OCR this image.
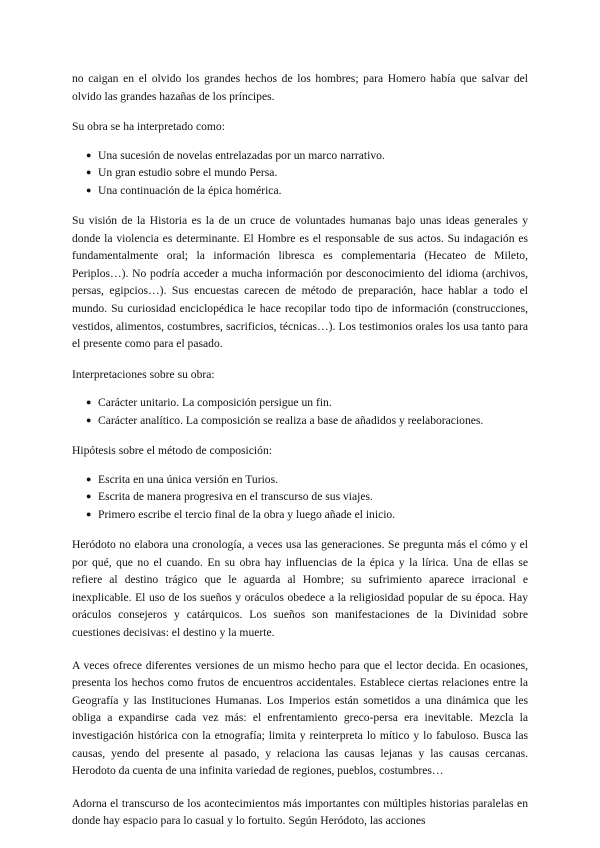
no caigan en el olvido los grandes hechos de los hombres; para Homero había que salvar del olvido las grandes hazañas de los príncipes.

Su obra se ha interpretado como:

● Una sucesión de novelas entrelazadas por un marco narrativo.
● Un gran estudio sobre el mundo Persa.
● Una continuación de la épica homérica.

Su visión de la Historia es la de un cruce de voluntades humanas bajo unas ideas generales y donde la violencia es determinante. El Hombre es el responsable de sus actos. Su indagación es fundamentalmente oral; la información libresca es complementaria (Hecateo de Mileto, Periplos…). No podría acceder a mucha información por desconocimiento del idioma (archivos, persas, egipcios…). Sus encuestas carecen de método de preparación, hace hablar a todo el mundo. Su curiosidad enciclopédica le hace recopilar todo tipo de información (construcciones, vestidos, alimentos, costumbres, sacrificios, técnicas…). Los testimonios orales los usa tanto para el presente como para el pasado.

Interpretaciones sobre su obra:

● Carácter unitario. La composición persigue un fin.
● Carácter analítico. La composición se realiza a base de añadidos y reelaboraciones.

Hipótesis sobre el método de composición:

● Escrita en una única versión en Turios.
● Escrita de manera progresiva en el transcurso de sus viajes.
● Primero escribe el tercio final de la obra y luego añade el inicio.

Heródoto no elabora una cronología, a veces usa las generaciones. Se pregunta más el cómo y el por qué, que no el cuando. En su obra hay influencias de la épica y la lírica. Una de ellas se refiere al destino trágico que le aguarda al Hombre; su sufrimiento aparece irracional e inexplicable. El uso de los sueños y oráculos obedece a la religiosidad popular de su época. Hay oráculos consejeros y catárquicos. Los sueños son manifestaciones de la Divinidad sobre cuestiones decisivas: el destino y la muerte.

A veces ofrece diferentes versiones de un mismo hecho para que el lector decida. En ocasiones, presenta los hechos como frutos de encuentros accidentales. Establece ciertas relaciones entre la Geografía y las Instituciones Humanas. Los Imperios están sometidos a una dinámica que les obliga a expandirse cada vez más: el enfrentamiento greco-persa era inevitable. Mezcla la investigación histórica con la etnografía; limita y reinterpreta lo mítico y lo fabuloso. Busca las causas, yendo del presente al pasado, y relaciona las causas lejanas y las causas cercanas. Herodoto da cuenta de una infinita variedad de regiones, pueblos, costumbres…

Adorna el transcurso de los acontecimientos más importantes con múltiples historias paralelas en donde hay espacio para lo casual y lo fortuito. Según Heródoto, las acciones
